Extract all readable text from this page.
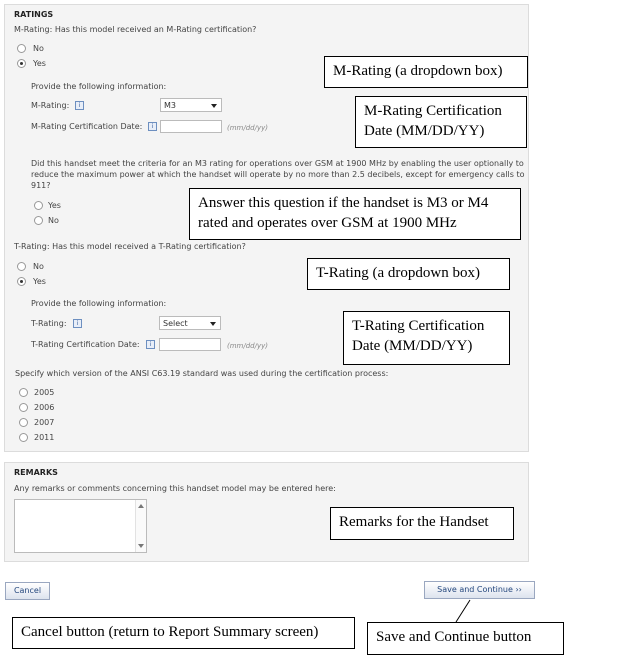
RATINGS
M-Rating: Has this model received an M-Rating certification?
No
Yes
Provide the following information:
M-Rating:	i	M3
M-Rating Certification Date:	i	(mm/dd/yy)
Did this handset meet the criteria for an M3 rating for operations over GSM at 1900 MHz by enabling the user optionally to reduce the maximum power at which the handset will operate by no more than 2.5 decibels, except for emergency calls to 911?
Yes
No
T-Rating: Has this model received a T-Rating certification?
No
Yes
Provide the following information:
T-Rating:	i	Select
T-Rating Certification Date:	i	(mm/dd/yy)
Specify which version of the ANSI C63.19 standard was used during the certification process:
2005
2006
2007
2011
REMARKS
Any remarks or comments concerning this handset model may be entered here:
Cancel	Save and Continue ››
M-Rating (a dropdown box)
M-Rating Certification Date (MM/DD/YY)
Answer this question if the handset is M3 or M4 rated and operates over GSM at 1900 MHz
T-Rating (a dropdown box)
T-Rating Certification Date (MM/DD/YY)
Remarks for the Handset
Cancel button (return to Report Summary screen)	Save and Continue button
